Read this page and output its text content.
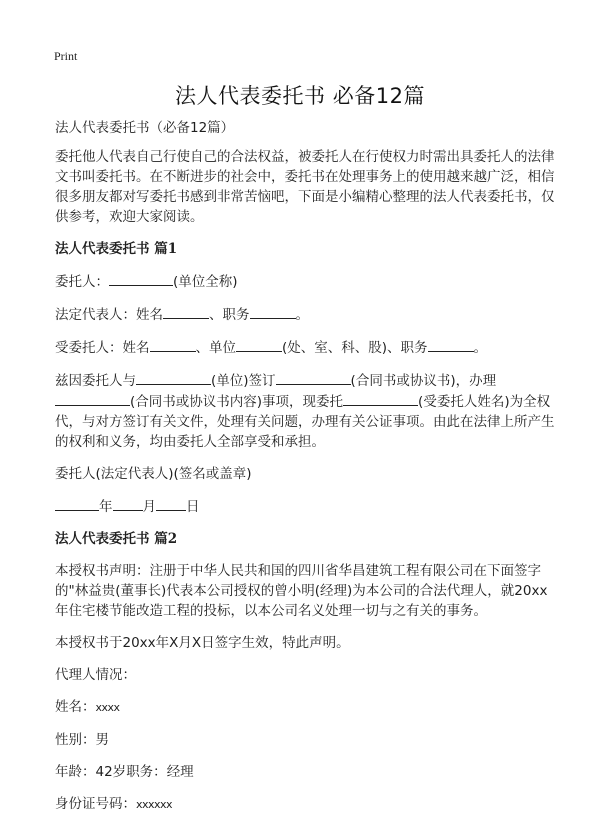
Print
法人代表委托书 必备12篇

法人代表委托书（必备12篇）

委托他人代表自己行使自己的合法权益，被委托人在行使权力时需出具委托人的法律文书叫委托书。在不断进步的社会中，委托书在处理事务上的使用越来越广泛，相信很多朋友都对写委托书感到非常苦恼吧，下面是小编精心整理的法人代表委托书，仅供参考，欢迎大家阅读。

法人代表委托书 篇1

委托人：	(单位全称)

法定代表人：姓名	、职务	。

受委托人：姓名	、单位	(处、室、科、股)、职务	。

兹因委托人与	(单位)签订	(合同书或协议书)，办理(合同书或协议书内容)事项，现委托	(受委托人姓名)为全权代，与对方签订有关文件，处理有关问题，办理有关公证事项。由此在法律上所产生的权利和义务，均由委托人全部享受和承担。

委托人(法定代表人)(签名或盖章)

年 月 日

法人代表委托书 篇2

本授权书声明：注册于中华人民共和国的四川省华昌建筑工程有限公司在下面签字的"林益贵(董事长)代表本公司授权的曾小明(经理)为本公司的合法代理人，就20xx年住宅楼节能改造工程的投标，以本公司名义处理一切与之有关的事务。

本授权书于20xx年X月X日签字生效，特此声明。

代理人情况：

姓名：xxxx

性别：男

年龄：42岁职务：经理

身份证号码：xxxxxx
